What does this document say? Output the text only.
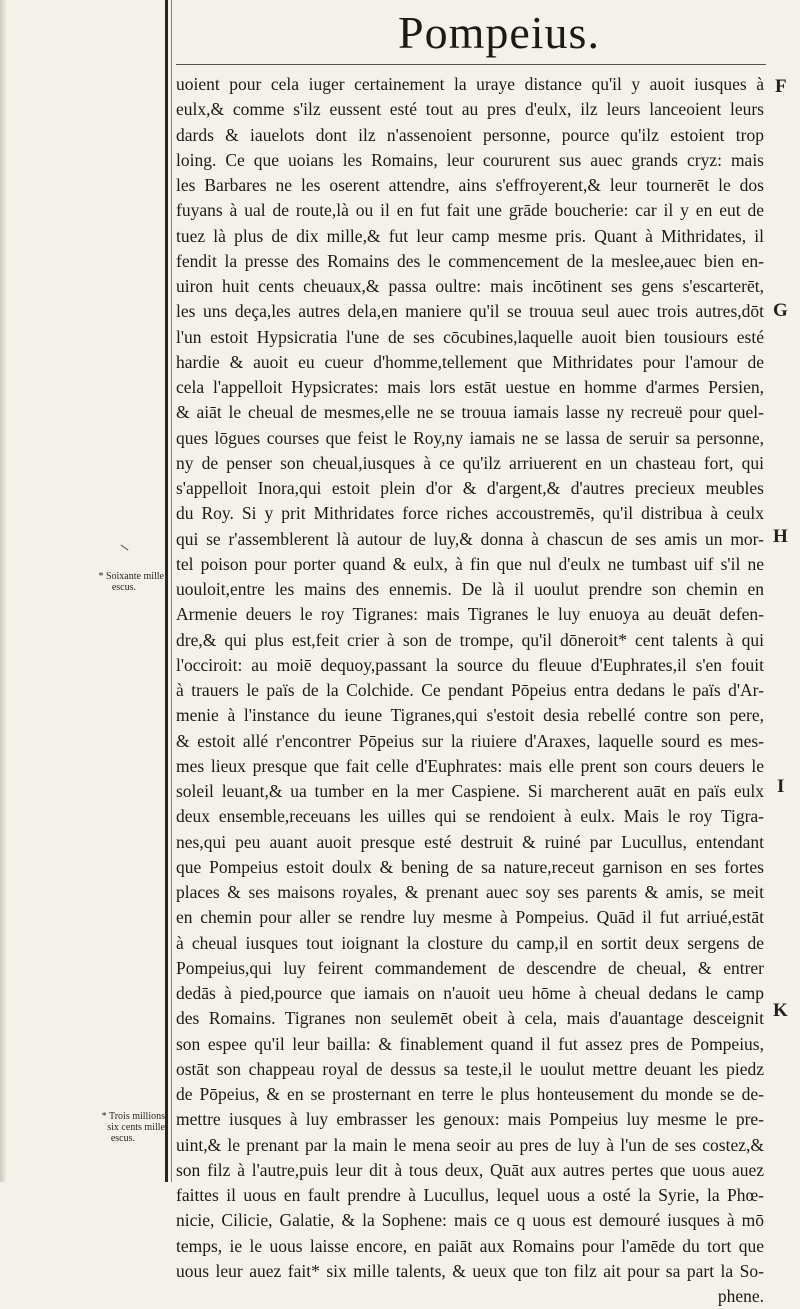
Pompeius.
uoient pour cela iuger certainement la uraye distance qu'il y auoit iusques à
eulx,& comme s'ilz eussent esté tout au pres d'eulx, ilz leurs lanceoient leurs
dards & iauelots dont ilz n'assenoient personne, pource qu'ilz estoient trop
loing. Ce que uoians les Romains, leur coururent sus auec grands cryz: mais
les Barbares ne les oserent attendre, ains s'effroyerent,& leur tournerēt le dos
fuyans à ual de route,là ou il en fut fait une grāde boucherie: car il y en eut de
tuez là plus de dix mille,& fut leur camp mesme pris. Quant à Mithridates, il
fendit la presse des Romains des le commencement de la meslee,auec bien en-
uiron huit cents cheuaux,& passa oultre: mais incōtinent ses gens s'escarterēt,
les uns deça,les autres dela,en maniere qu'il se trouua seul auec trois autres,dōt
l'un estoit Hypsicratia l'une de ses cōcubines,laquelle auoit bien tousiours esté
hardie & auoit eu cueur d'homme,tellement que Mithridates pour l'amour de
cela l'appelloit Hypsicrates: mais lors estāt uestue en homme d'armes Persien,
& aiāt le cheual de mesmes,elle ne se trouua iamais lasse ny recreuë pour quel-
ques lōgues courses que feist le Roy,ny iamais ne se lassa de seruir sa personne,
ny de penser son cheual,iusques à ce qu'ilz arriuerent en un chasteau fort, qui
s'appelloit Inora,qui estoit plein d'or & d'argent,& d'autres precieux meubles
du Roy. Si y prit Mithridates force riches accoustremēs, qu'il distribua à ceulx
qui se r'assemblerent là autour de luy,& donna à chascun de ses amis un mor-
tel poison pour porter quand & eulx, à fin que nul d'eulx ne tumbast uif s'il ne
uouloit,entre les mains des ennemis. De là il uoulut prendre son chemin en
Armenie deuers le roy Tigranes: mais Tigranes le luy enuoya au deuāt defen-
dre,& qui plus est,feit crier à son de trompe, qu'il dōneroit* cent talents à qui
l'occiroit: au moiē dequoy,passant la source du fleuue d'Euphrates,il s'en fouit
à trauers le païs de la Colchide. Ce pendant Pōpeius entra dedans le païs d'Ar-
menie à l'instance du ieune Tigranes,qui s'estoit desia rebellé contre son pere,
& estoit allé r'encontrer Pōpeius sur la riuiere d'Araxes, laquelle sourd es mes-
mes lieux presque que fait celle d'Euphrates: mais elle prent son cours deuers le
soleil leuant,& ua tumber en la mer Caspiene. Si marcherent auāt en païs eulx
deux ensemble,receuans les uilles qui se rendoient à eulx. Mais le roy Tigra-
nes,qui peu auant auoit presque esté destruit & ruiné par Lucullus, entendant
que Pompeius estoit doulx & bening de sa nature,receut garnison en ses fortes
places & ses maisons royales, & prenant auec soy ses parents & amis, se meit
en chemin pour aller se rendre luy mesme à Pompeius. Quād il fut arriué,estāt
à cheual iusques tout ioignant la closture du camp,il en sortit deux sergens de
Pompeius,qui luy feirent commandement de descendre de cheual, & entrer
dedās à pied,pource que iamais on n'auoit ueu hōme à cheual dedans le camp
des Romains. Tigranes non seulemēt obeit à cela, mais d'auantage desceignit
son espee qu'il leur bailla: & finablement quand il fut assez pres de Pompeius,
ostāt son chappeau royal de dessus sa teste,il le uoulut mettre deuant les piedz
de Pōpeius, & en se prosternant en terre le plus honteusement du monde se de-
mettre iusques à luy embrasser les genoux: mais Pompeius luy mesme le pre-
uint,& le prenant par la main le mena seoir au pres de luy à l'un de ses costez,&
son filz à l'autre,puis leur dit à tous deux, Quāt aux autres pertes que uous auez
faittes il uous en fault prendre à Lucullus, lequel uous a osté la Syrie, la Phœ-
nicie, Cilicie, Galatie, & la Sophene: mais ce q uous est demouré iusques à mō
temps, ie le uous laisse encore, en paiāt aux Romains pour l'amēde du tort que
uous leur auez fait* six mille talents, & ueux que ton filz ait pour sa part la So-
phene.
* Soixante mille
escus.
* Trois millions
six cents mille
escus.
F
G
H
I
K
